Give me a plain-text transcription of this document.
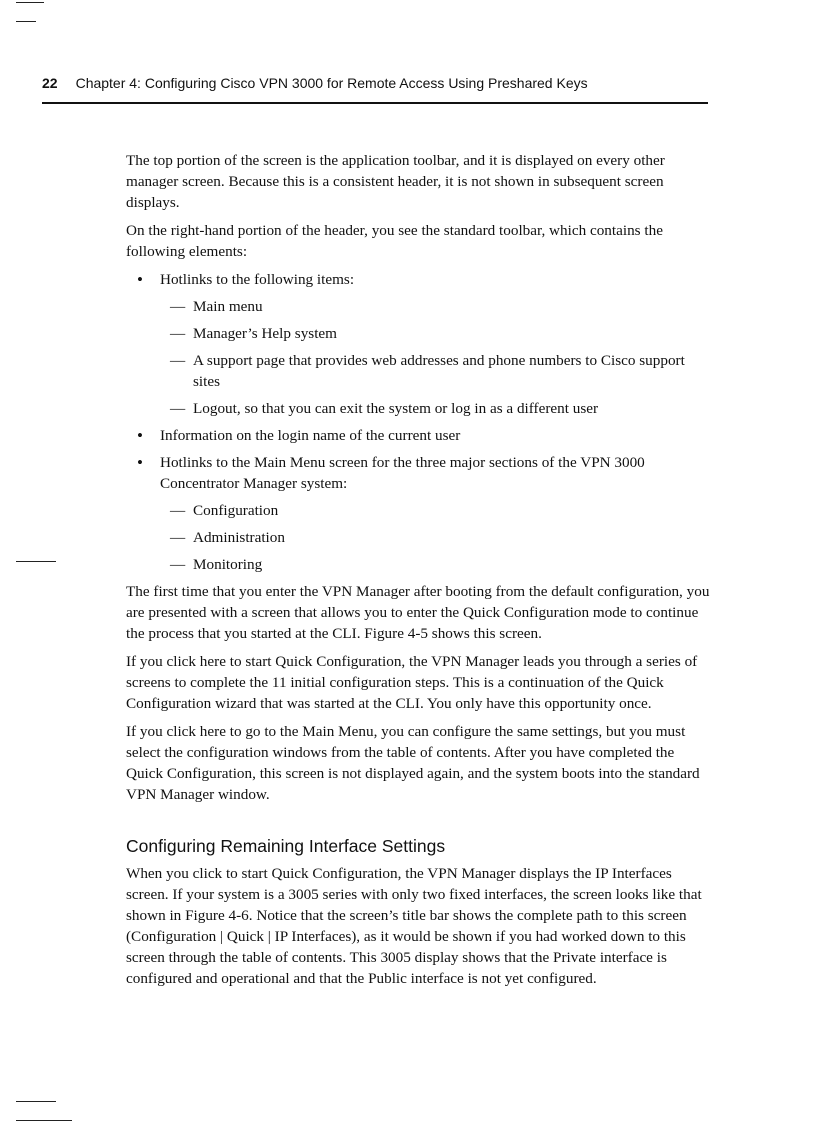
22 Chapter 4: Configuring Cisco VPN 3000 for Remote Access Using Preshared Keys

The top portion of the screen is the application toolbar, and it is displayed on every other manager screen. Because this is a consistent header, it is not shown in subsequent screen displays.

On the right-hand portion of the header, you see the standard toolbar, which contains the following elements:

• Hotlinks to the following items:
— Main menu
— Manager’s Help system
— A support page that provides web addresses and phone numbers to Cisco support sites
— Logout, so that you can exit the system or log in as a different user
• Information on the login name of the current user
• Hotlinks to the Main Menu screen for the three major sections of the VPN 3000 Concentrator Manager system:
— Configuration
— Administration
— Monitoring

The first time that you enter the VPN Manager after booting from the default configuration, you are presented with a screen that allows you to enter the Quick Configuration mode to continue the process that you started at the CLI. Figure 4-5 shows this screen.

If you click here to start Quick Configuration, the VPN Manager leads you through a series of screens to complete the 11 initial configuration steps. This is a continuation of the Quick Configuration wizard that was started at the CLI. You only have this opportunity once.

If you click here to go to the Main Menu, you can configure the same settings, but you must select the configuration windows from the table of contents. After you have completed the Quick Configuration, this screen is not displayed again, and the system boots into the standard VPN Manager window.

Configuring Remaining Interface Settings

When you click to start Quick Configuration, the VPN Manager displays the IP Interfaces screen. If your system is a 3005 series with only two fixed interfaces, the screen looks like that shown in Figure 4-6. Notice that the screen’s title bar shows the complete path to this screen (Configuration | Quick | IP Interfaces), as it would be shown if you had worked down to this screen through the table of contents. This 3005 display shows that the Private interface is configured and operational and that the Public interface is not yet configured.
